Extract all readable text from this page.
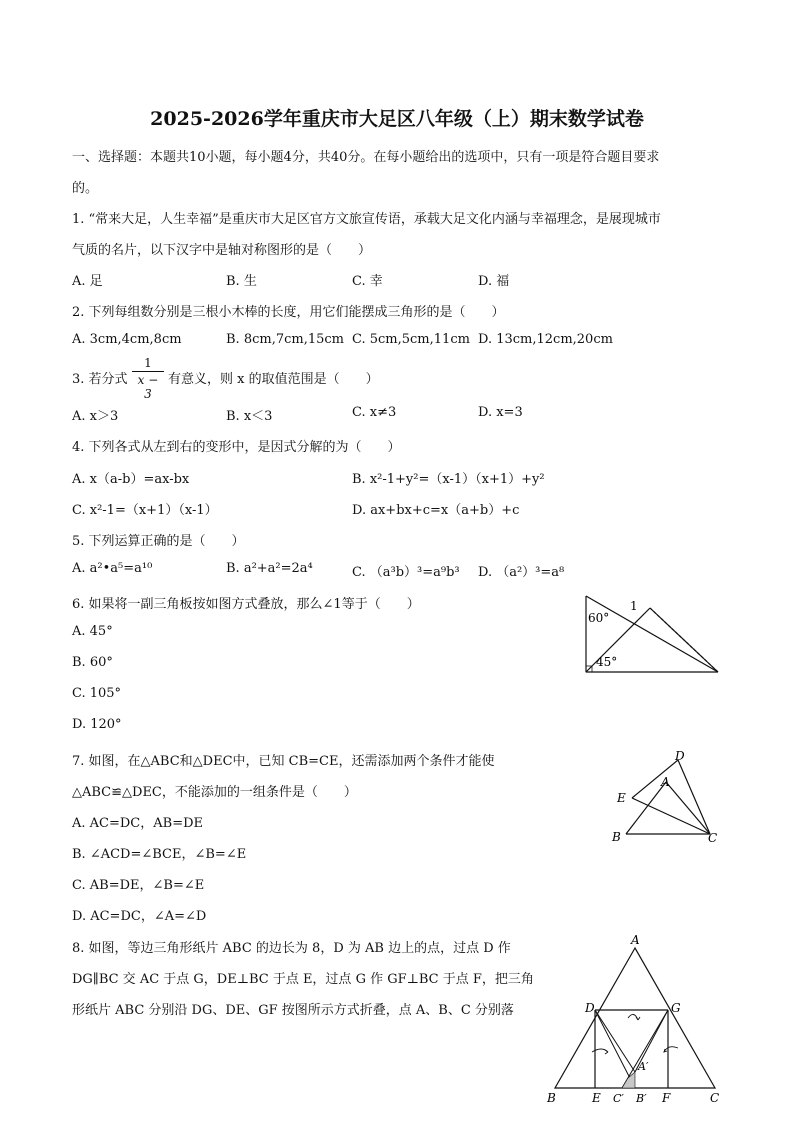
2025-2026学年重庆市大足区八年级（上）期末数学试卷
一、选择题：本题共10小题，每小题4分，共40分。在每小题给出的选项中，只有一项是符合题目要求
的。
1. “常来大足，人生幸福”是重庆市大足区官方文旅宣传语，承载大足文化内涵与幸福理念，是展现城市
气质的名片，以下汉字中是轴对称图形的是（　　）
A. 足	B. 生	C. 幸	D. 福
2. 下列每组数分别是三根小木棒的长度，用它们能摆成三角形的是（　　）
A. 3cm,4cm,8cm	B. 8cm,7cm,15cm C. 5cm,5cm,11cm D. 13cm,12cm,20cm
3. 若分式 $\frac{1}{x - 3}$ 有意义，则 x 的取值范围是（　　）
A. x＞3	B. x＜3	C. x≠3	D. x=3
4. 下列各式从左到右的变形中，是因式分解的为（　　）
A. x（a-b）=ax-bx	B. x²-1+y²=（x-1）（x+1）+y²
C. x²-1=（x+1）（x-1）	D. ax+bx+c=x（a+b）+c
5. 下列运算正确的是（　　）
A. a²•a⁵=a¹⁰	B. a²+a²=2a⁴	C. （a³b）³=a⁹b³ D. （a²）³=a⁸
6. 如果将一副三角板按如图方式叠放，那么∠1等于（　　）
A. 45°
B. 60°
C. 105°
D. 120°
60°
45°
1
7. 如图，在△ABC和△DEC中，已知 CB=CE，还需添加两个条件才能使
△ABC≌△DEC，不能添加的一组条件是（　　）
A. AC=DC，AB=DE
B. ∠ACD=∠BCE，∠B=∠E
C. AB=DE，∠B=∠E
D. AC=DC，∠A=∠D
D
A
E
B	C
8. 如图，等边三角形纸片 ABC 的边长为 8，D 为 AB 边上的点，过点 D 作
DG∥BC 交 AC 于点 G，DE⊥BC 于点 E，过点 G 作 GF⊥BC 于点 F，把三角
形纸片 ABC 分别沿 DG、DE、GF 按图所示方式折叠，点 A、B、C 分别落
A
D	G
A′
B	E C′ B′ F	C
